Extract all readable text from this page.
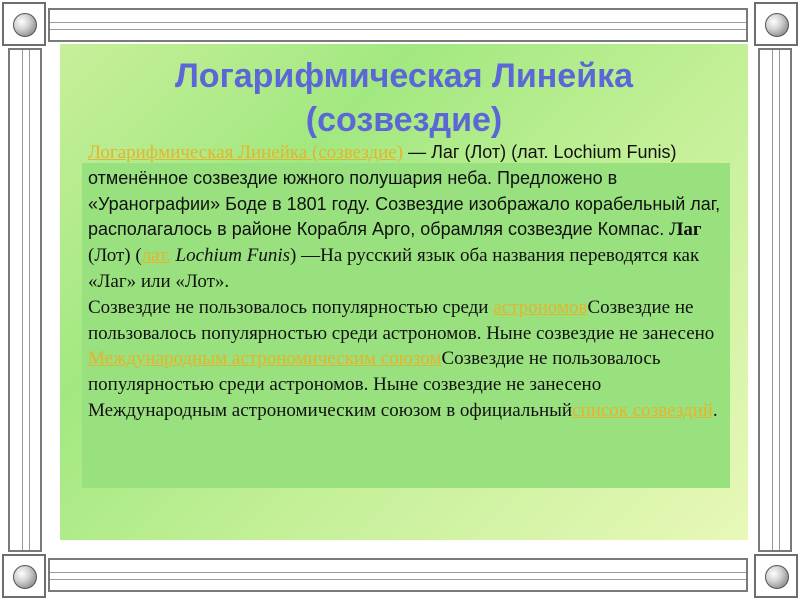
Логарифмическая Линейка
(созвездие)
Логарифмическая Линейка (созвездие) — Лаг (Лот) (лат. Lochium Funis) отменённое созвездие южного полушария неба. Предложено в «Уранографии» Боде в 1801 году. Созвездие изображало корабельный лаг, располагалось в районе Корабля Арго, обрамляя созвездие Компас. Лаг (Лот) (лат. Lochium Funis) —На русский язык оба названия переводятся как «Лаг» или «Лот».
Созвездие не пользовалось популярностью среди астрономовСозвездие не пользовалось популярностью среди астрономов. Ныне созвездие не занесено Международным астрономическим союзомСозвездие не пользовалось популярностью среди астрономов. Ныне созвездие не занесено Международным астрономическим союзом в официальныйсписок созвездий.
